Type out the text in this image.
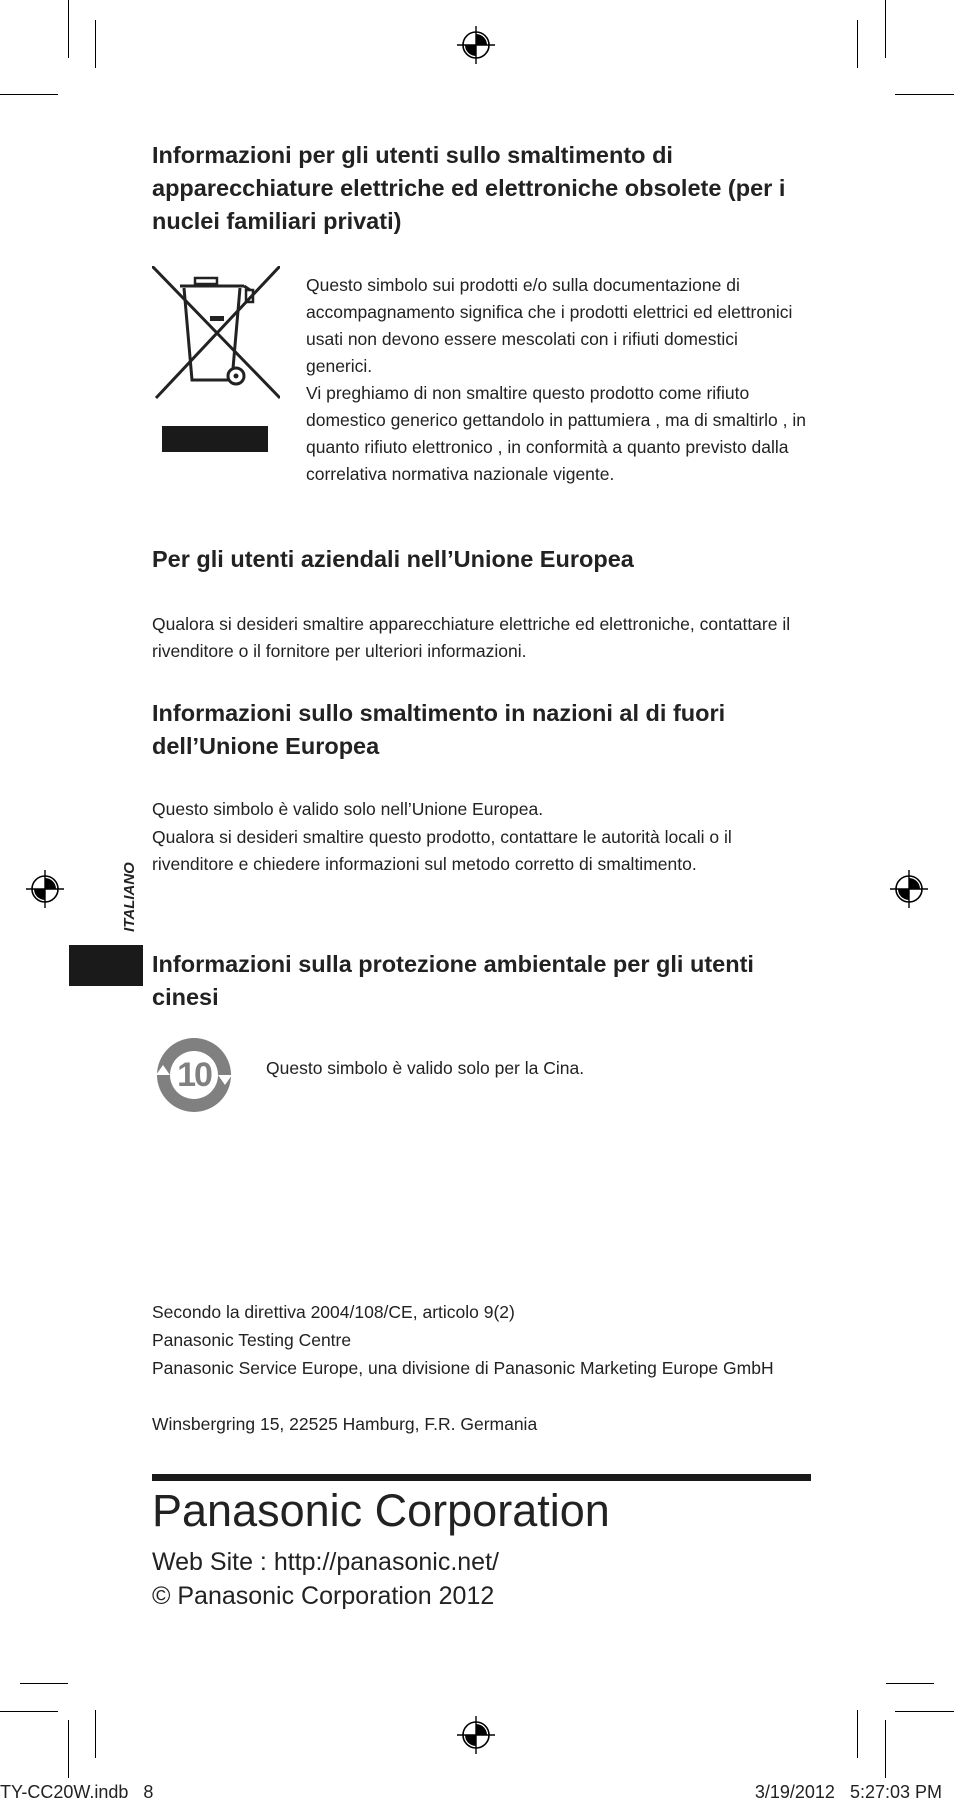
Informazioni per gli utenti sullo smaltimento di apparecchiature elettriche ed elettroniche obsolete (per i nuclei familiari privati)

Questo simbolo sui prodotti e/o sulla documentazione di accompagnamento significa che i prodotti elettrici ed elettronici usati non devono essere mescolati con i rifiuti domestici generici.

Vi preghiamo di non smaltire questo prodotto come rifiuto domestico generico gettandolo in pattumiera , ma di smaltirlo , in quanto rifiuto elettronico , in conformità a quanto previsto dalla correlativa normativa nazionale vigente.

Per gli utenti aziendali nell’Unione Europea

Qualora si desideri smaltire apparecchiature elettriche ed elettroniche, contattare il rivenditore o il fornitore per ulteriori informazioni.

Informazioni sullo smaltimento in nazioni al di fuori dell’Unione Europea

Questo simbolo è valido solo nell’Unione Europea.

Qualora si desideri smaltire questo prodotto, contattare le autorità locali o il rivenditore e chiedere informazioni sul metodo corretto di smaltimento.

ITALIANO
Informazioni sulla protezione ambientale per gli utenti cinesi
10	Questo simbolo è valido solo per la Cina.

Secondo la direttiva 2004/108/CE, articolo 9(2)

Panasonic Testing Centre

Panasonic Service Europe, una divisione di Panasonic Marketing Europe GmbH

Winsbergring 15, 22525 Hamburg, F.R. Germania

Panasonic Corporation
Web Site : http://panasonic.net/
© Panasonic Corporation 2012
TY-CC20W.indb   8	3/19/2012   5:27:03 PM
